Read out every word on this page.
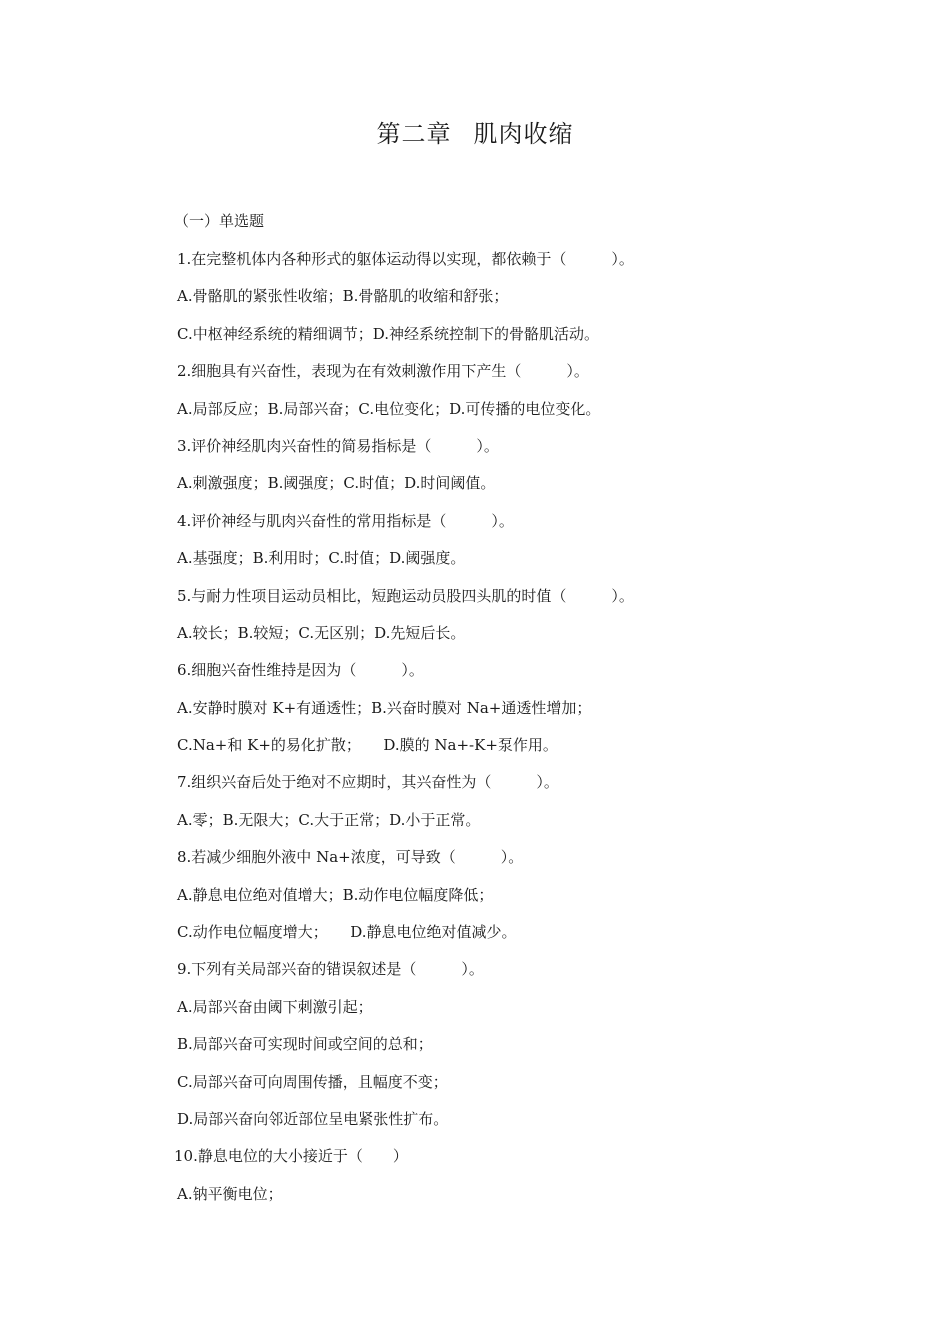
第二章 肌肉收缩
（一）单选题
1.在完整机体内各种形式的躯体运动得以实现，都依赖于（　　　）。
A.骨骼肌的紧张性收缩；B.骨骼肌的收缩和舒张；
C.中枢神经系统的精细调节；D.神经系统控制下的骨骼肌活动。
2.细胞具有兴奋性，表现为在有效刺激作用下产生（　　　）。
A.局部反应；B.局部兴奋；C.电位变化；D.可传播的电位变化。
3.评价神经肌肉兴奋性的简易指标是（　　　）。
A.刺激强度；B.阈强度；C.时值；D.时间阈值。
4.评价神经与肌肉兴奋性的常用指标是（　　　）。
A.基强度；B.利用时；C.时值；D.阈强度。
5.与耐力性项目运动员相比，短跑运动员股四头肌的时值（　　　）。
A.较长；B.较短；C.无区别；D.先短后长。
6.细胞兴奋性维持是因为（　　　）。
A.安静时膜对 K+有通透性；B.兴奋时膜对 Na+通透性增加；
C.Na+和 K+的易化扩散；　　D.膜的 Na+-K+泵作用。
7.组织兴奋后处于绝对不应期时，其兴奋性为（　　　）。
A.零；B.无限大；C.大于正常；D.小于正常。
8.若减少细胞外液中 Na+浓度，可导致（　　　）。
A.静息电位绝对值增大；B.动作电位幅度降低；
C.动作电位幅度增大；　　D.静息电位绝对值减少。
9.下列有关局部兴奋的错误叙述是（　　　）。
A.局部兴奋由阈下刺激引起；
B.局部兴奋可实现时间或空间的总和；
C.局部兴奋可向周围传播，且幅度不变；
D.局部兴奋向邻近部位呈电紧张性扩布。
10.静息电位的大小接近于（　　）
A.钠平衡电位；
